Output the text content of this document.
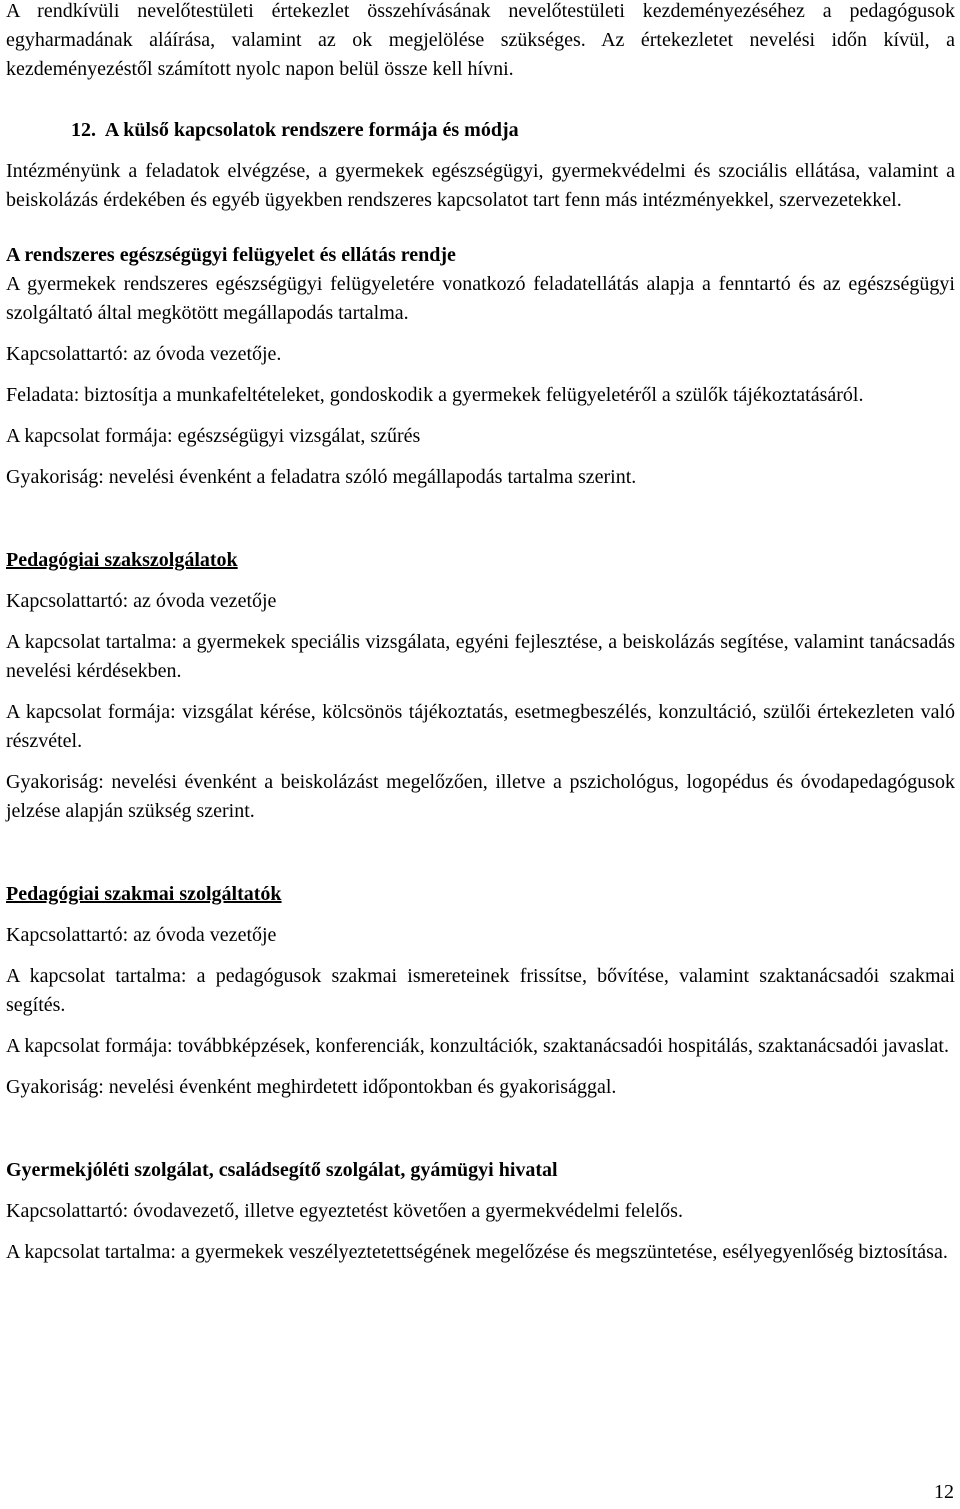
A rendkívüli nevelőtestületi értekezlet összehívásának nevelőtestületi kezdeményezéséhez a pedagógusok egyharmadának aláírása, valamint az ok megjelölése szükséges. Az értekezletet nevelési időn kívül, a kezdeményezéstől számított nyolc napon belül össze kell hívni.

12. A külső kapcsolatok rendszere formája és módja

Intézményünk a feladatok elvégzése, a gyermekek egészségügyi, gyermekvédelmi és szociális ellátása, valamint a beiskolázás érdekében és egyéb ügyekben rendszeres kapcsolatot tart fenn más intézményekkel, szervezetekkel.

A rendszeres egészségügyi felügyelet és ellátás rendje

A gyermekek rendszeres egészségügyi felügyeletére vonatkozó feladatellátás alapja a fenntartó és az egészségügyi szolgáltató által megkötött megállapodás tartalma.

Kapcsolattartó: az óvoda vezetője.

Feladata: biztosítja a munkafeltételeket, gondoskodik a gyermekek felügyeletéről a szülők tájékoztatásáról.

A kapcsolat formája: egészségügyi vizsgálat, szűrés

Gyakoriság: nevelési évenként a feladatra szóló megállapodás tartalma szerint.

Pedagógiai szakszolgálatok

Kapcsolattartó: az óvoda vezetője

A kapcsolat tartalma: a gyermekek speciális vizsgálata, egyéni fejlesztése, a beiskolázás segítése, valamint tanácsadás nevelési kérdésekben.

A kapcsolat formája: vizsgálat kérése, kölcsönös tájékoztatás, esetmegbeszélés, konzultáció, szülői értekezleten való részvétel.

Gyakoriság: nevelési évenként a beiskolázást megelőzően, illetve a pszichológus, logopédus és óvodapedagógusok jelzése alapján szükség szerint.

Pedagógiai szakmai szolgáltatók

Kapcsolattartó: az óvoda vezetője

A kapcsolat tartalma: a pedagógusok szakmai ismereteinek frissítse, bővítése, valamint szaktanácsadói szakmai segítés.

A kapcsolat formája: továbbképzések, konferenciák, konzultációk, szaktanácsadói hospitálás, szaktanácsadói javaslat.

Gyakoriság: nevelési évenként meghirdetett időpontokban és gyakorisággal.

Gyermekjóléti szolgálat, családsegítő szolgálat, gyámügyi hivatal

Kapcsolattartó: óvodavezető, illetve egyeztetést követően a gyermekvédelmi felelős.

A kapcsolat tartalma: a gyermekek veszélyeztetettségének megelőzése és megszüntetése, esélyegyenlőség biztosítása.

12
